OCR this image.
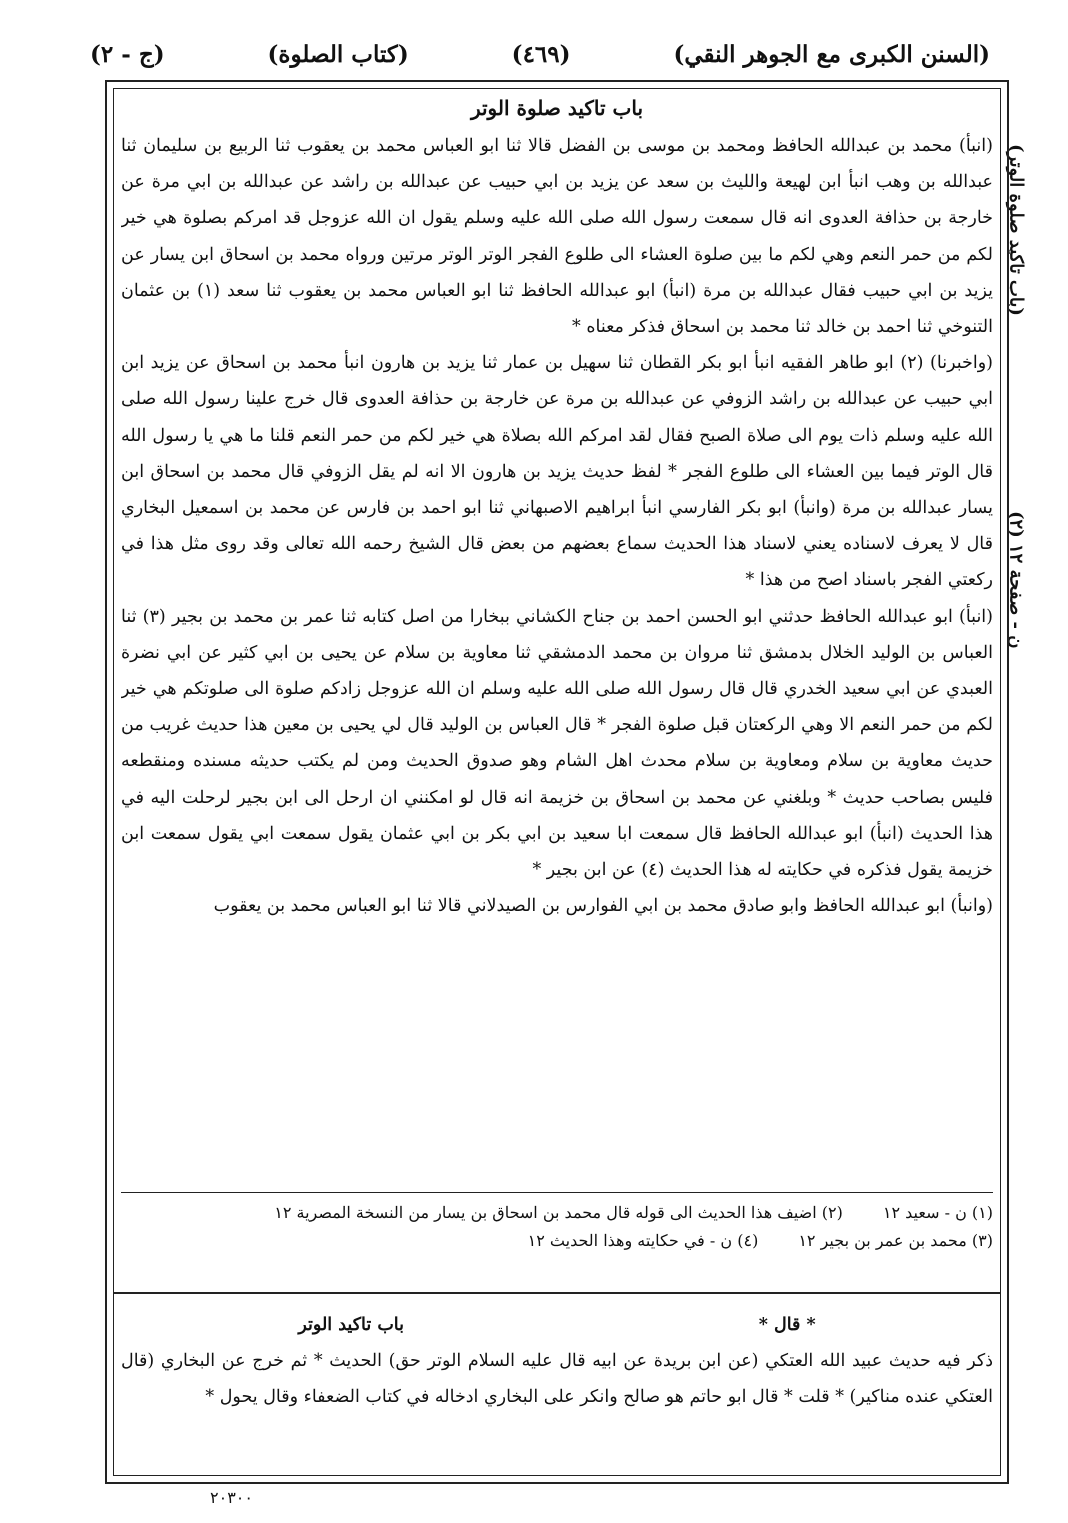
(السنن الكبرى مع الجوهر النقي)
(٤٦٩)
(كتاب الصلوة)
(ج - ٢)
(باب تاكيد صلوة الوتر)
(٢) ن - صفحة ١٢
باب تاكيد صلوة الوتر

(انبأ) محمد بن عبدالله الحافظ ومحمد بن موسى بن الفضل قالا ثنا ابو العباس محمد بن يعقوب ثنا الربيع بن سليمان ثنا عبدالله بن وهب انبأ ابن لهيعة والليث بن سعد عن يزيد بن ابي حبيب عن عبدالله بن راشد عن عبدالله بن ابي مرة عن خارجة بن حذافة العدوى انه قال سمعت رسول الله صلى الله عليه وسلم يقول ان الله عزوجل قد امركم بصلوة هي خير لكم من حمر النعم وهي لكم ما بين صلوة العشاء الى طلوع الفجر الوتر الوتر مرتين ورواه محمد بن اسحاق ابن يسار عن يزيد بن ابي حبيب فقال عبدالله بن مرة (انبأ) ابو عبدالله الحافظ ثنا ابو العباس محمد بن يعقوب ثنا سعد (١) بن عثمان التنوخي ثنا احمد بن خالد ثنا محمد بن اسحاق فذكر معناه *

(واخبرنا) (٢) ابو طاهر الفقيه انبأ ابو بكر القطان ثنا سهيل بن عمار ثنا يزيد بن هارون انبأ محمد بن اسحاق عن يزيد ابن ابي حبيب عن عبدالله بن راشد الزوفي عن عبدالله بن مرة عن خارجة بن حذافة العدوى قال خرج علينا رسول الله صلى الله عليه وسلم ذات يوم الى صلاة الصبح فقال لقد امركم الله بصلاة هي خير لكم من حمر النعم قلنا ما هي يا رسول الله قال الوتر فيما بين العشاء الى طلوع الفجر * لفظ حديث يزيد بن هارون الا انه لم يقل الزوفي قال محمد بن اسحاق ابن يسار عبدالله بن مرة (وانبأ) ابو بكر الفارسي انبأ ابراهيم الاصبهاني ثنا ابو احمد بن فارس عن محمد بن اسمعيل البخاري قال لا يعرف لاسناده يعني لاسناد هذا الحديث سماع بعضهم من بعض قال الشيخ رحمه الله تعالى وقد روى مثل هذا في ركعتي الفجر باسناد اصح من هذا *

(انبأ) ابو عبدالله الحافظ حدثني ابو الحسن احمد بن جناح الكشاني ببخارا من اصل كتابه ثنا عمر بن محمد بن بجير (٣) ثنا العباس بن الوليد الخلال بدمشق ثنا مروان بن محمد الدمشقي ثنا معاوية بن سلام عن يحيى بن ابي كثير عن ابي نضرة العبدي عن ابي سعيد الخدري قال قال رسول الله صلى الله عليه وسلم ان الله عزوجل زادكم صلوة الى صلوتكم هي خير لكم من حمر النعم الا وهي الركعتان قبل صلوة الفجر * قال العباس بن الوليد قال لي يحيى بن معين هذا حديث غريب من حديث معاوية بن سلام ومعاوية بن سلام محدث اهل الشام وهو صدوق الحديث ومن لم يكتب حديثه مسنده ومنقطعه فليس بصاحب حديث * وبلغني عن محمد بن اسحاق بن خزيمة انه قال لو امكنني ان ارحل الى ابن بجير لرحلت اليه في هذا الحديث (انبأ) ابو عبدالله الحافظ قال سمعت ابا سعيد بن ابي بكر بن ابي عثمان يقول سمعت ابي يقول سمعت ابن خزيمة يقول فذكره في حكايته له هذا الحديث (٤) عن ابن بجير *

(وانبأ) ابو عبدالله الحافظ وابو صادق محمد بن ابي الفوارس بن الصيدلاني قالا ثنا ابو العباس محمد بن يعقوب

(١) ن - سعيد ١٢
(٢) اضيف هذا الحديث الى قوله قال محمد بن اسحاق بن يسار من النسخة المصرية ١٢
(٣) محمد بن عمر بن بجير ١٢
(٤) ن - في حكايته وهذا الحديث ١٢
* قال *
باب تاكيد الوتر
ذكر فيه حديث عبيد الله العتكي (عن ابن بريدة عن ابيه قال عليه السلام الوتر حق) الحديث * ثم خرج عن البخاري (قال العتكي عنده مناكير) * قلت * قال ابو حاتم هو صالح وانكر على البخاري ادخاله في كتاب الضعفاء وقال يحول *
٢٠٣٠٠
